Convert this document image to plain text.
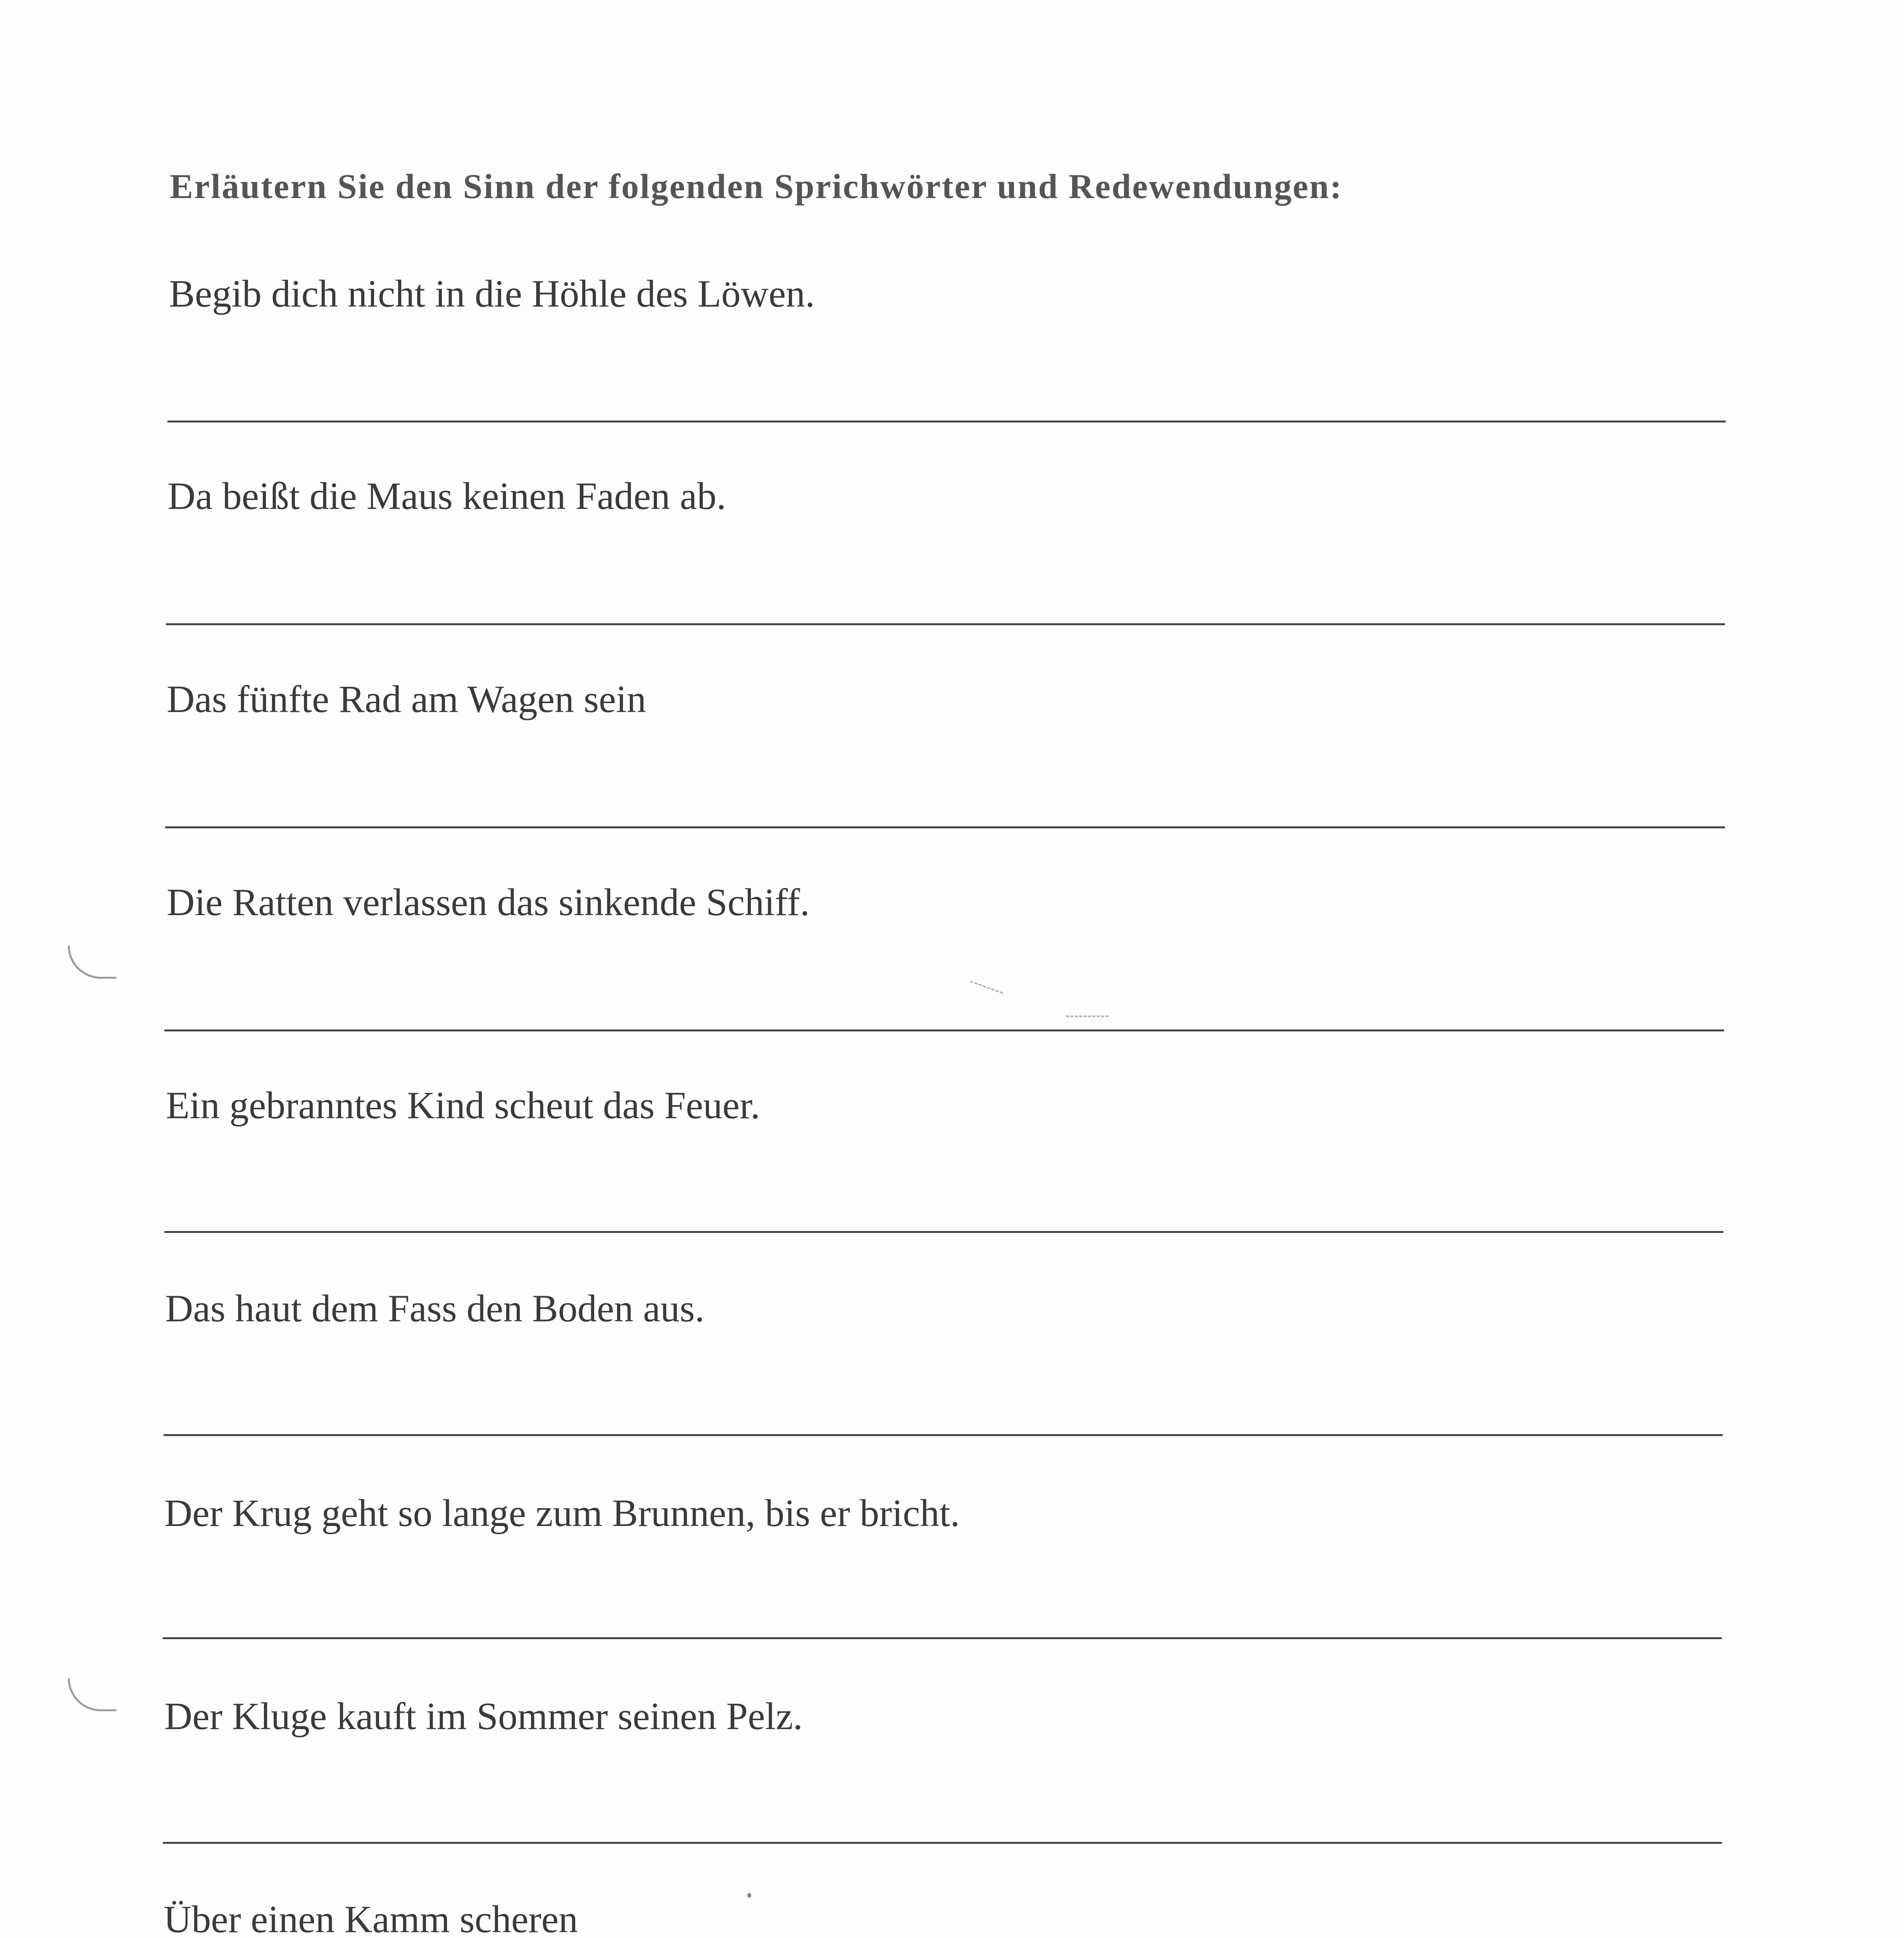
Erläutern Sie den Sinn der folgenden Sprichwörter und Redewendungen:
Begib dich nicht in die Höhle des Löwen.
Da beißt die Maus keinen Faden ab.
Das fünfte Rad am Wagen sein
Die Ratten verlassen das sinkende Schiff.
Ein gebranntes Kind scheut das Feuer.
Das haut dem Fass den Boden aus.
Der Krug geht so lange zum Brunnen, bis er bricht.
Der Kluge kauft im Sommer seinen Pelz.
Über einen Kamm scheren
